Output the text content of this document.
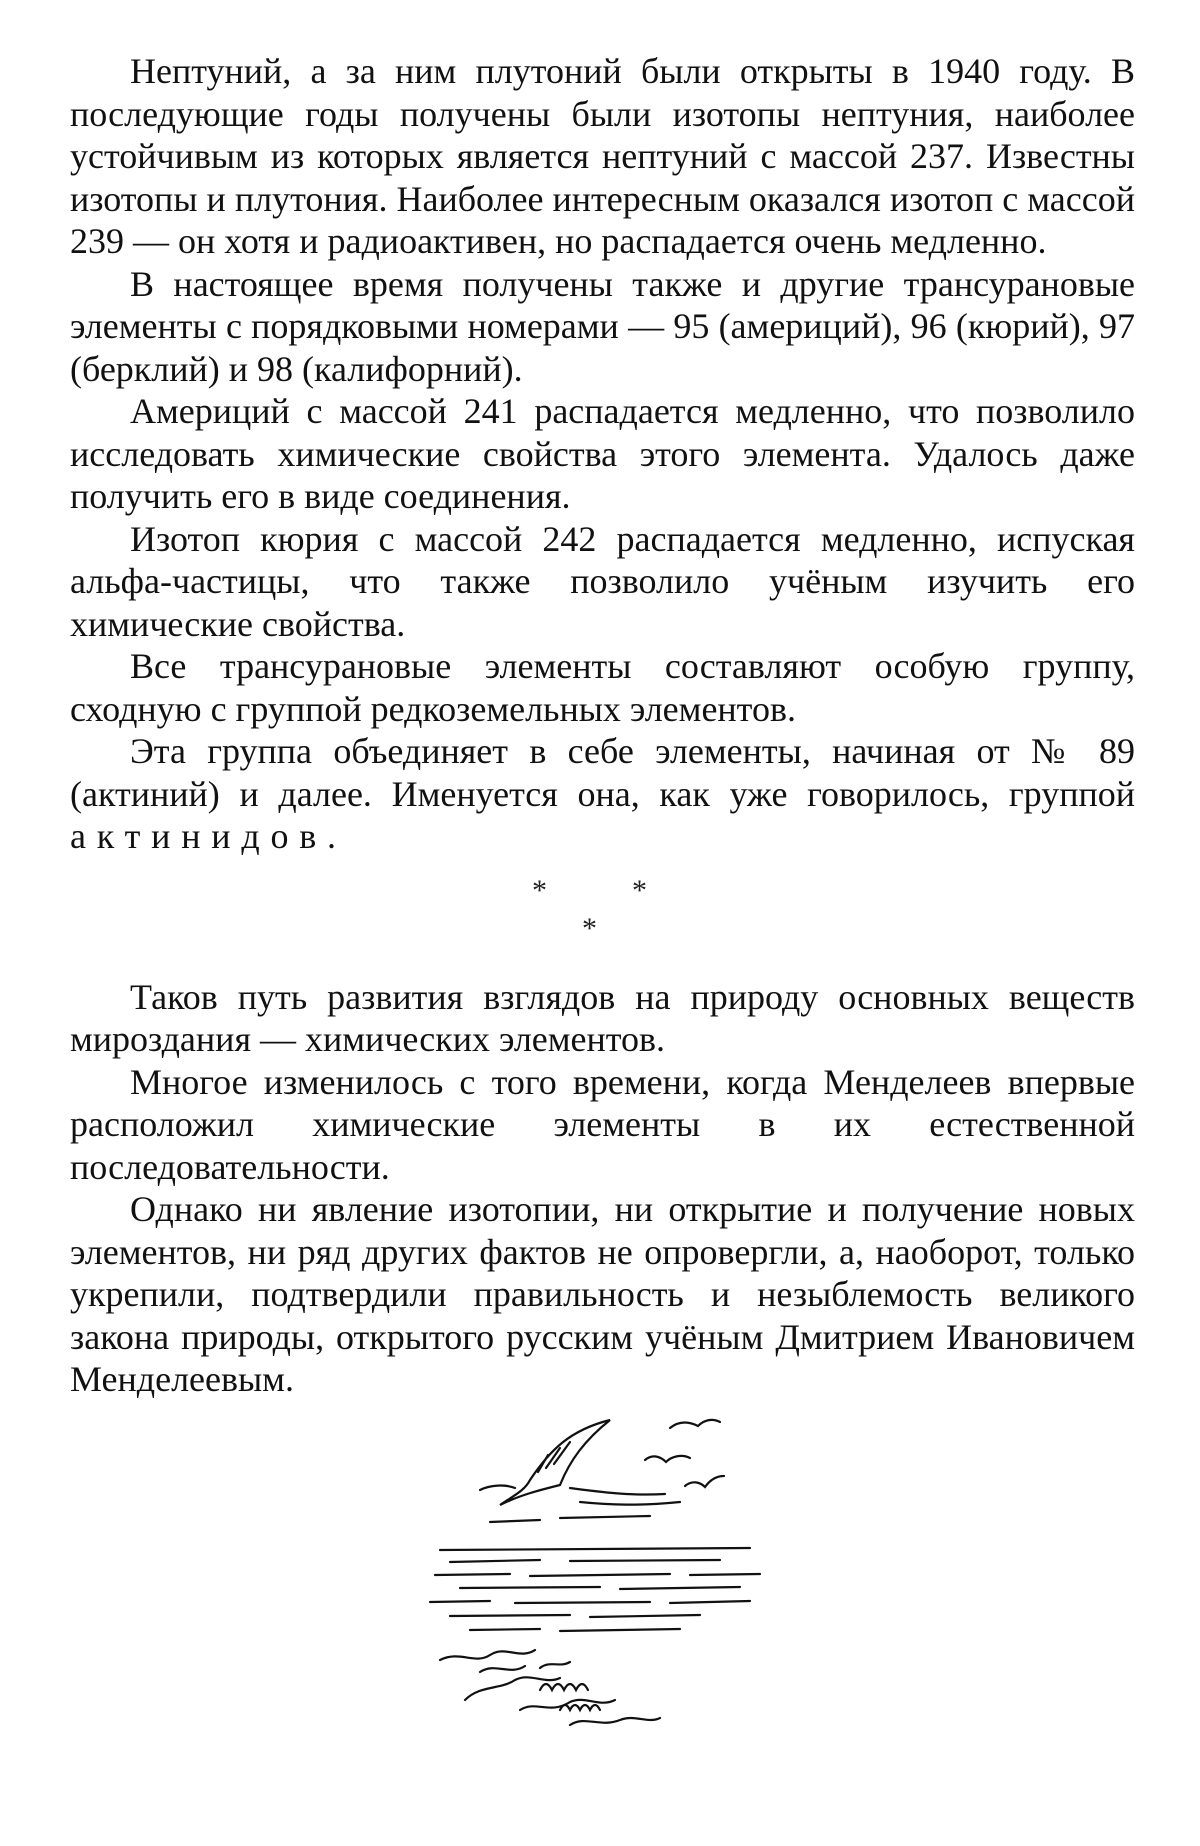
Нептуний, а за ним плутоний были открыты в 1940 году. В последующие годы получены были изотопы нептуния, наиболее устойчивым из которых является нептуний с массой 237. Известны изотопы и плутония. Наиболее интересным оказался изотоп с массой 239 — он хотя и радиоактивен, но распадается очень медленно.

В настоящее время получены также и другие трансурановые элементы с порядковыми номерами — 95 (америций), 96 (кюрий), 97 (берклий) и 98 (калифорний).

Америций с массой 241 распадается медленно, что позволило исследовать химические свойства этого элемента. Удалось даже получить его в виде соединения.

Изотоп кюрия с массой 242 распадается медленно, испуская альфа-частицы, что также позволило учёным изучить его химические свойства.

Все трансурановые элементы составляют особую группу, сходную с группой редкоземельных элементов.

Эта группа объединяет в себе элементы, начиная от № 89 (актиний) и далее. Именуется она, как уже говорилось, группой актинидов.

*	*
*

Таков путь развития взглядов на природу основных веществ мироздания — химических элементов.

Многое изменилось с того времени, когда Менделеев впервые расположил химические элементы в их естественной последовательности.

Однако ни явление изотопии, ни открытие и получение новых элементов, ни ряд других фактов не опровергли, а, наоборот, только укрепили, подтвердили правильность и незыблемость великого закона природы, открытого русским учёным Дмитрием Ивановичем Менделеевым.
